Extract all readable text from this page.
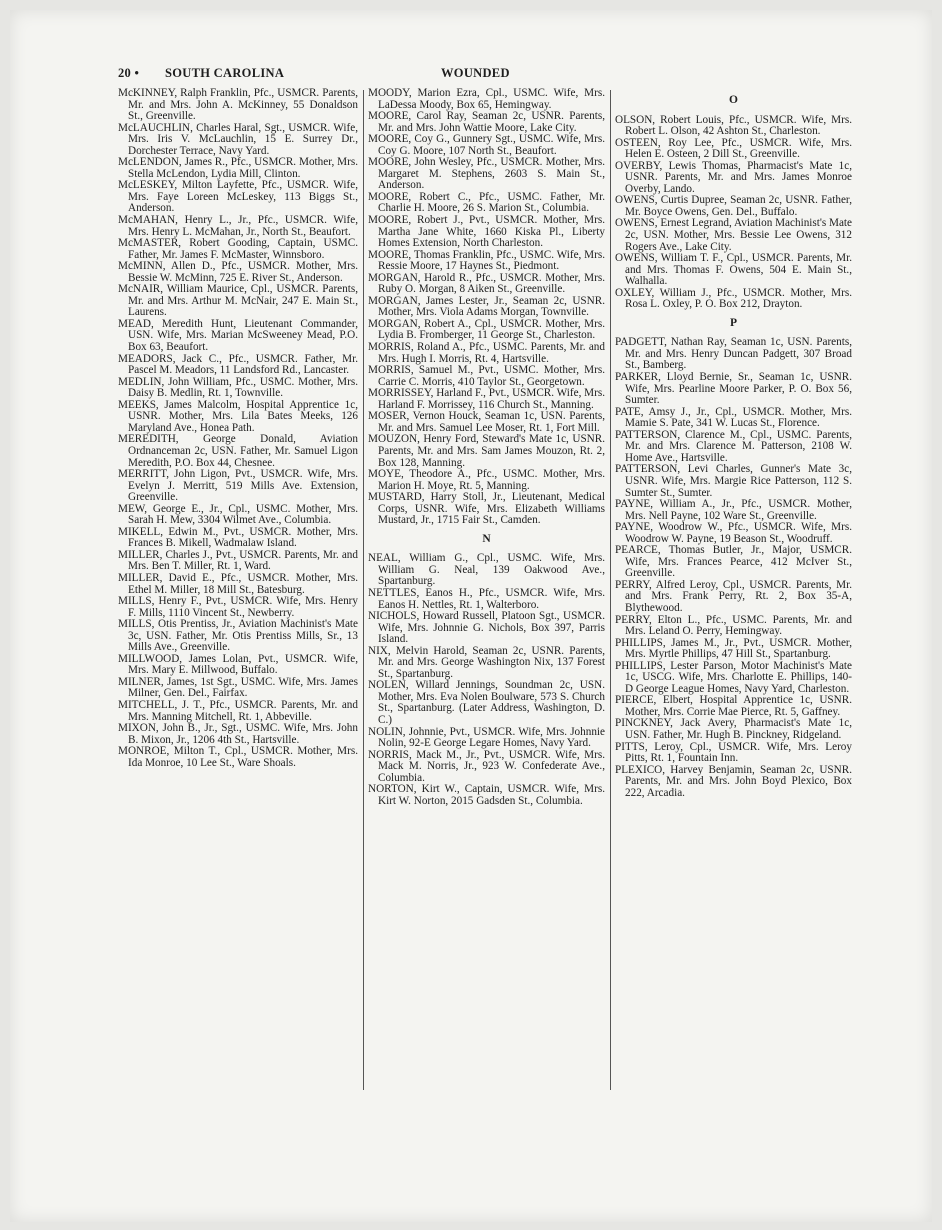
20 • SOUTH CAROLINA	WOUNDED

McKINNEY, Ralph Franklin, Pfc., USMCR. Parents, Mr. and Mrs. John A. McKinney, 55 Donaldson St., Greenville.

McLAUCHLIN, Charles Haral, Sgt., USMCR. Wife, Mrs. Iris V. McLauchlin, 15 E. Surrey Dr., Dorchester Terrace, Navy Yard.

McLENDON, James R., Pfc., USMCR. Mother, Mrs. Stella McLendon, Lydia Mill, Clinton.

McLESKEY, Milton Layfette, Pfc., USMCR. Wife, Mrs. Faye Loreen McLeskey, 113 Biggs St., Anderson.

McMAHAN, Henry L., Jr., Pfc., USMCR. Wife, Mrs. Henry L. McMahan, Jr., North St., Beaufort.

McMASTER, Robert Gooding, Captain, USMC. Father, Mr. James F. McMaster, Winnsboro.

McMINN, Allen D., Pfc., USMCR. Mother, Mrs. Bessie W. McMinn, 725 E. River St., Anderson.

McNAIR, William Maurice, Cpl., USMCR. Parents, Mr. and Mrs. Arthur M. McNair, 247 E. Main St., Laurens.

MEAD, Meredith Hunt, Lieutenant Commander, USN. Wife, Mrs. Marian McSweeney Mead, P.O. Box 63, Beaufort.

MEADORS, Jack C., Pfc., USMCR. Father, Mr. Pascel M. Meadors, 11 Landsford Rd., Lancaster.

MEDLIN, John William, Pfc., USMC. Mother, Mrs. Daisy B. Medlin, Rt. 1, Townville.

MEEKS, James Malcolm, Hospital Apprentice 1c, USNR. Mother, Mrs. Lila Bates Meeks, 126 Maryland Ave., Honea Path.

MEREDITH, George Donald, Aviation Ordnanceman 2c, USN. Father, Mr. Samuel Ligon Meredith, P.O. Box 44, Chesnee.

MERRITT, John Ligon, Pvt., USMCR. Wife, Mrs. Evelyn J. Merritt, 519 Mills Ave. Extension, Greenville.

MEW, George E., Jr., Cpl., USMC. Mother, Mrs. Sarah H. Mew, 3304 Wilmet Ave., Columbia.

MIKELL, Edwin M., Pvt., USMCR. Mother, Mrs. Frances B. Mikell, Wadmalaw Island.

MILLER, Charles J., Pvt., USMCR. Parents, Mr. and Mrs. Ben T. Miller, Rt. 1, Ward.

MILLER, David E., Pfc., USMCR. Mother, Mrs. Ethel M. Miller, 18 Mill St., Batesburg.

MILLS, Henry F., Pvt., USMCR. Wife, Mrs. Henry F. Mills, 1110 Vincent St., Newberry.

MILLS, Otis Prentiss, Jr., Aviation Machinist's Mate 3c, USN. Father, Mr. Otis Prentiss Mills, Sr., 13 Mills Ave., Greenville.

MILLWOOD, James Lolan, Pvt., USMCR. Wife, Mrs. Mary E. Millwood, Buffalo.

MILNER, James, 1st Sgt., USMC. Wife, Mrs. James Milner, Gen. Del., Fairfax.

MITCHELL, J. T., Pfc., USMCR. Parents, Mr. and Mrs. Manning Mitchell, Rt. 1, Abbeville.

MIXON, John B., Jr., Sgt., USMC. Wife, Mrs. John B. Mixon, Jr., 1206 4th St., Hartsville.

MONROE, Milton T., Cpl., USMCR. Mother, Mrs. Ida Monroe, 10 Lee St., Ware Shoals.

MOODY, Marion Ezra, Cpl., USMC. Wife, Mrs. LaDessa Moody, Box 65, Hemingway.

MOORE, Carol Ray, Seaman 2c, USNR. Parents, Mr. and Mrs. John Wattie Moore, Lake City.

MOORE, Coy G., Gunnery Sgt., USMC. Wife, Mrs. Coy G. Moore, 107 North St., Beaufort.

MOORE, John Wesley, Pfc., USMCR. Mother, Mrs. Margaret M. Stephens, 2603 S. Main St., Anderson.

MOORE, Robert C., Pfc., USMC. Father, Mr. Charlie H. Moore, 26 S. Marion St., Columbia.

MOORE, Robert J., Pvt., USMCR. Mother, Mrs. Martha Jane White, 1660 Kiska Pl., Liberty Homes Extension, North Charleston.

MOORE, Thomas Franklin, Pfc., USMC. Wife, Mrs. Ressie Moore, 17 Haynes St., Piedmont.

MORGAN, Harold R., Pfc., USMCR. Mother, Mrs. Ruby O. Morgan, 8 Aiken St., Greenville.

MORGAN, James Lester, Jr., Seaman 2c, USNR. Mother, Mrs. Viola Adams Morgan, Townville.

MORGAN, Robert A., Cpl., USMCR. Mother, Mrs. Lydia B. Fromberger, 11 George St., Charleston.

MORRIS, Roland A., Pfc., USMC. Parents, Mr. and Mrs. Hugh I. Morris, Rt. 4, Hartsville.

MORRIS, Samuel M., Pvt., USMC. Mother, Mrs. Carrie C. Morris, 410 Taylor St., Georgetown.

MORRISSEY, Harland F., Pvt., USMCR. Wife, Mrs. Harland F. Morrissey, 116 Church St., Manning.

MOSER, Vernon Houck, Seaman 1c, USN. Parents, Mr. and Mrs. Samuel Lee Moser, Rt. 1, Fort Mill.

MOUZON, Henry Ford, Steward's Mate 1c, USNR. Parents, Mr. and Mrs. Sam James Mouzon, Rt. 2, Box 128, Manning.

MOYE, Theodore A., Pfc., USMC. Mother, Mrs. Marion H. Moye, Rt. 5, Manning.

MUSTARD, Harry Stoll, Jr., Lieutenant, Medical Corps, USNR. Wife, Mrs. Elizabeth Williams Mustard, Jr., 1715 Fair St., Camden.

N

NEAL, William G., Cpl., USMC. Wife, Mrs. William G. Neal, 139 Oakwood Ave., Spartanburg.

NETTLES, Eanos H., Pfc., USMCR. Wife, Mrs. Eanos H. Nettles, Rt. 1, Walterboro.

NICHOLS, Howard Russell, Platoon Sgt., USMCR. Wife, Mrs. Johnnie G. Nichols, Box 397, Parris Island.

NIX, Melvin Harold, Seaman 2c, USNR. Parents, Mr. and Mrs. George Washington Nix, 137 Forest St., Spartanburg.

NOLEN, Willard Jennings, Soundman 2c, USN. Mother, Mrs. Eva Nolen Boulware, 573 S. Church St., Spartanburg. (Later Address, Washington, D. C.)

NOLIN, Johnnie, Pvt., USMCR. Wife, Mrs. Johnnie Nolin, 92-E George Legare Homes, Navy Yard.

NORRIS, Mack M., Jr., Pvt., USMCR. Wife, Mrs. Mack M. Norris, Jr., 923 W. Confederate Ave., Columbia.

NORTON, Kirt W., Captain, USMCR. Wife, Mrs. Kirt W. Norton, 2015 Gadsden St., Columbia.

O

OLSON, Robert Louis, Pfc., USMCR. Wife, Mrs. Robert L. Olson, 42 Ashton St., Charleston.

OSTEEN, Roy Lee, Pfc., USMCR. Wife, Mrs. Helen E. Osteen, 2 Dill St., Greenville.

OVERBY, Lewis Thomas, Pharmacist's Mate 1c, USNR. Parents, Mr. and Mrs. James Monroe Overby, Lando.

OWENS, Curtis Dupree, Seaman 2c, USNR. Father, Mr. Boyce Owens, Gen. Del., Buffalo.

OWENS, Ernest Legrand, Aviation Machinist's Mate 2c, USN. Mother, Mrs. Bessie Lee Owens, 312 Rogers Ave., Lake City.

OWENS, William T. F., Cpl., USMCR. Parents, Mr. and Mrs. Thomas F. Owens, 504 E. Main St., Walhalla.

OXLEY, William J., Pfc., USMCR. Mother, Mrs. Rosa L. Oxley, P. O. Box 212, Drayton.

P

PADGETT, Nathan Ray, Seaman 1c, USN. Parents, Mr. and Mrs. Henry Duncan Padgett, 307 Broad St., Bamberg.

PARKER, Lloyd Bernie, Sr., Seaman 1c, USNR. Wife, Mrs. Pearline Moore Parker, P. O. Box 56, Sumter.

PATE, Amsy J., Jr., Cpl., USMCR. Mother, Mrs. Mamie S. Pate, 341 W. Lucas St., Florence.

PATTERSON, Clarence M., Cpl., USMC. Parents, Mr. and Mrs. Clarence M. Patterson, 2108 W. Home Ave., Hartsville.

PATTERSON, Levi Charles, Gunner's Mate 3c, USNR. Wife, Mrs. Margie Rice Patterson, 112 S. Sumter St., Sumter.

PAYNE, William A., Jr., Pfc., USMCR. Mother, Mrs. Nell Payne, 102 Ware St., Greenville.

PAYNE, Woodrow W., Pfc., USMCR. Wife, Mrs. Woodrow W. Payne, 19 Beason St., Woodruff.

PEARCE, Thomas Butler, Jr., Major, USMCR. Wife, Mrs. Frances Pearce, 412 McIver St., Greenville.

PERRY, Alfred Leroy, Cpl., USMCR. Parents, Mr. and Mrs. Frank Perry, Rt. 2, Box 35-A, Blythewood.

PERRY, Elton L., Pfc., USMC. Parents, Mr. and Mrs. Leland O. Perry, Hemingway.

PHILLIPS, James M., Jr., Pvt., USMCR. Mother, Mrs. Myrtle Phillips, 47 Hill St., Spartanburg.

PHILLIPS, Lester Parson, Motor Machinist's Mate 1c, USCG. Wife, Mrs. Charlotte E. Phillips, 140-D George League Homes, Navy Yard, Charleston.

PIERCE, Elbert, Hospital Apprentice 1c, USNR. Mother, Mrs. Corrie Mae Pierce, Rt. 5, Gaffney.

PINCKNEY, Jack Avery, Pharmacist's Mate 1c, USN. Father, Mr. Hugh B. Pinckney, Ridgeland.

PITTS, Leroy, Cpl., USMCR. Wife, Mrs. Leroy Pitts, Rt. 1, Fountain Inn.

PLEXICO, Harvey Benjamin, Seaman 2c, USNR. Parents, Mr. and Mrs. John Boyd Plexico, Box 222, Arcadia.
